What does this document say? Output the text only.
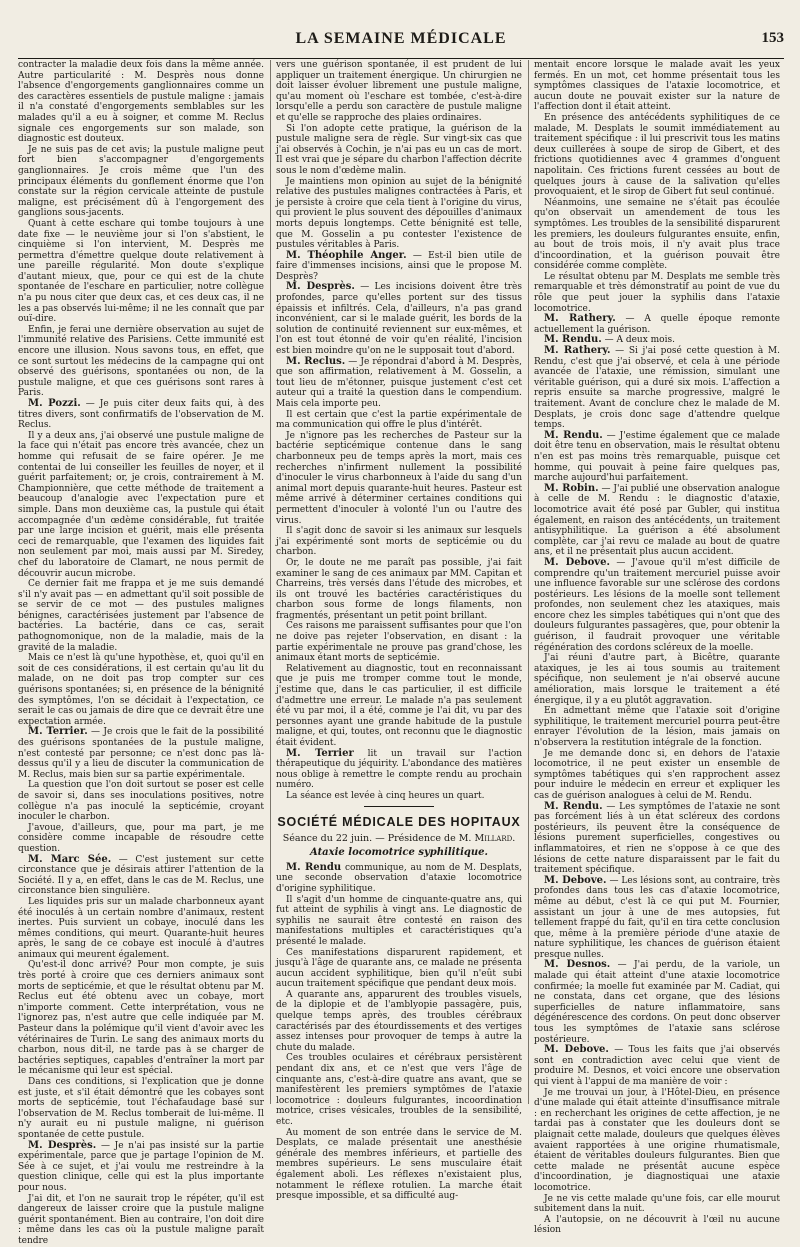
LA SEMAINE MÉDICALE	153

contracter la maladie deux fois dans la même année. Autre particularité : M. Desprès nous donne l'absence d'engorgements ganglionnaires comme un des caractères essentiels de pustule maligne : jamais il n'a constaté d'engorgements semblables sur les malades qu'il a eu à soigner, et comme M. Reclus signale ces engorgements sur son malade, son diagnostic est douteux.

Je ne suis pas de cet avis; la pustule maligne peut fort bien s'accompagner d'engorgements ganglionnaires. Je crois même que l'un des principaux éléments du gonflement énorme que l'on constate sur la région cervicale atteinte de pustule maligne, est précisément dû à l'engorgement des ganglions sous-jacents.

Quant à cette eschare qui tombe toujours à une date fixe — le neuvième jour si l'on s'abstient, le cinquième si l'on intervient, M. Desprès me permettra d'émettre quelque doute relativement à une pareille régularité. Mon doute s'explique d'autant mieux, que, pour ce qui est de la chute spontanée de l'eschare en particulier, notre collègue n'a pu nous citer que deux cas, et ces deux cas, il ne les a pas observés lui-même; il ne les connaît que par ouï-dire.

Enfin, je ferai une dernière observation au sujet de l'immunité relative des Parisiens. Cette immunité est encore une illusion. Nous savons tous, en effet, que ce sont surtout les médecins de la campagne qui ont observé des guérisons, spontanées ou non, de la pustule maligne, et que ces guérisons sont rares à Paris.

M. Pozzi. — Je puis citer deux faits qui, à des titres divers, sont confirmatifs de l'observation de M. Reclus.

Il y a deux ans, j'ai observé une pustule maligne de la face qui n'était pas encore très avancée, chez un homme qui refusait de se faire opérer. Je me contentai de lui conseiller les feuilles de noyer, et il guérit parfaitement; or, je crois, contrairement à M. Championnière, que cette méthode de traitement a beaucoup d'analogie avec l'expectation pure et simple. Dans mon deuxième cas, la pustule qui était accompagnée d'un œdème considérable, fut traitée par une large incision et guérit, mais elle présenta ceci de remarquable, que l'examen des liquides fait non seulement par moi, mais aussi par M. Siredey, chef du laboratoire de Clamart, ne nous permit de découvrir aucun microbe.

Ce dernier fait me frappa et je me suis demandé s'il n'y avait pas — en admettant qu'il soit possible de se servir de ce mot — des pustules malignes bénignes, caractérisées justement par l'absence de bactéries. La bactérie, dans ce cas, serait pathognomonique, non de la maladie, mais de la gravité de la maladie.

Mais ce n'est là qu'une hypothèse, et, quoi qu'il en soit de ces considérations, il est certain qu'au lit du malade, on ne doit pas trop compter sur ces guérisons spontanées; si, en présence de la bénignité des symptômes, l'on se décidait à l'expectation, ce serait le cas ou jamais de dire que ce devrait être une expectation armée.

M. Terrier. — Je crois que le fait de la possibilité des guérisons spontanées de la pustule maligne, n'est contesté par personne; ce n'est donc pas là-dessus qu'il y a lieu de discuter la communication de M. Reclus, mais bien sur sa partie expérimentale.

La question que l'on doit surtout se poser est celle de savoir si, dans ses inoculations positives, notre collègue n'a pas inoculé la septicémie, croyant inoculer le charbon.

J'avoue, d'ailleurs, que, pour ma part, je me considère comme incapable de résoudre cette question.

M. Marc Sée. — C'est justement sur cette circonstance que je désirais attirer l'attention de la Société. Il y a, en effet, dans le cas de M. Reclus, une circonstance bien singulière.

Les liquides pris sur un malade charbonneux ayant été inoculés à un certain nombre d'animaux, restent inertes. Puis survient un cobaye, inoculé dans les mêmes conditions, qui meurt. Quarante-huit heures après, le sang de ce cobaye est inoculé à d'autres animaux qui meurent également.

Qu'est-il donc arrivé? Pour mon compte, je suis très porté à croire que ces derniers animaux sont morts de septicémie, et que le résultat obtenu par M. Reclus eut été obtenu avec un cobaye, mort n'importe comment. Cette interprétation, vous ne l'ignorez pas, n'est autre que celle indiquée par M. Pasteur dans la polémique qu'il vient d'avoir avec les vétérinaires de Turin. Le sang des animaux morts du charbon, nous dit-il, ne tarde pas à se charger de bactéries septiques, capables d'entraîner la mort par le mécanisme qui leur est spécial.

Dans ces conditions, si l'explication que je donne est juste, et s'il était démontré que les cobayes sont morts de septicémie, tout l'échafaudage basé sur l'observation de M. Reclus tomberait de lui-même. Il n'y aurait eu ni pustule maligne, ni guérison spontanée de cette pustule.

M. Desprès. — Je n'ai pas insisté sur la partie expérimentale, parce que je partage l'opinion de M. Sée à ce sujet, et j'ai voulu me restreindre à la question clinique, celle qui est la plus importante pour nous.

J'ai dit, et l'on ne saurait trop le répéter, qu'il est dangereux de laisser croire que la pustule maligne guérit spontanément. Bien au contraire, l'on doit dire : même dans les cas où la pustule maligne paraît tendre

vers une guérison spontanée, il est prudent de lui appliquer un traitement énergique. Un chirurgien ne doit laisser évoluer librement une pustule maligne, qu'au moment où l'eschare est tombée, c'est-à-dire lorsqu'elle a perdu son caractère de pustule maligne et qu'elle se rapproche des plaies ordinaires.

Si l'on adopte cette pratique, la guérison de la pustule maligne sera de règle. Sur vingt-six cas que j'ai observés à Cochin, je n'ai pas eu un cas de mort. Il est vrai que je sépare du charbon l'affection décrite sous le nom d'œdème malin.

Je maintiens mon opinion au sujet de la bénignité relative des pustules malignes contractées à Paris, et je persiste à croire que cela tient à l'origine du virus, qui provient le plus souvent des dépouilles d'animaux morts depuis longtemps. Cette bénignité est telle, que M. Gosselin a pu contester l'existence de pustules véritables à Paris.

M. Théophile Anger. — Est-il bien utile de faire d'immenses incisions, ainsi que le propose M. Desprès?

M. Desprès. — Les incisions doivent être très profondes, parce qu'elles portent sur des tissus épaissis et infiltrés. Cela, d'ailleurs, n'a pas grand inconvénient, car si le malade guérit, les bords de la solution de continuité reviennent sur eux-mêmes, et l'on est tout étonné de voir qu'en réalité, l'incision est bien moindre qu'on ne le supposait tout d'abord.

M. Reclus. — Je répondrai d'abord à M. Desprès, que son affirmation, relativement à M. Gosselin, a tout lieu de m'étonner, puisque justement c'est cet auteur qui a traité la question dans le compendium. Mais cela importe peu.

Il est certain que c'est la partie expérimentale de ma communication qui offre le plus d'intérêt.

Je n'ignore pas les recherches de Pasteur sur la bactérie septicémique contenue dans le sang charbonneux peu de temps après la mort, mais ces recherches n'infirment nullement la possibilité d'inoculer le virus charbonneux à l'aide du sang d'un animal mort depuis quarante-huit heures. Pasteur est même arrivé à déterminer certaines conditions qui permettent d'inoculer à volonté l'un ou l'autre des virus.

Il s'agit donc de savoir si les animaux sur lesquels j'ai expérimenté sont morts de septicémie ou du charbon.

Or, le doute ne me paraît pas possible, j'ai fait examiner le sang de ces animaux par MM. Capitan et Charreins, très versés dans l'étude des microbes, et ils ont trouvé les bactéries caractéristiques du charbon sous forme de longs filaments, non fragmentés, présentant un petit point brillant.

Ces raisons me paraissent suffisantes pour que l'on ne doive pas rejeter l'observation, en disant : la partie expérimentale ne prouve pas grand'chose, les animaux étant morts de septicémie.

Relativement au diagnostic, tout en reconnaissant que je puis me tromper comme tout le monde, j'estime que, dans le cas particulier, il est difficile d'admettre une erreur. Le malade n'a pas seulement été vu par moi, il a été, comme je l'ai dit, vu par des personnes ayant une grande habitude de la pustule maligne, et qui, toutes, ont reconnu que le diagnostic était évident.

M. Terrier lit un travail sur l'action thérapeutique du jéquirity. L'abondance des matières nous oblige à remettre le compte rendu au prochain numéro.

La séance est levée à cinq heures un quart.

SOCIÉTÉ MÉDICALE DES HOPITAUX
Séance du 22 juin. — Présidence de M. Millard.
Ataxie locomotrice syphilitique.

M. Rendu communique, au nom de M. Desplats, une seconde observation d'ataxie locomotrice d'origine syphilitique.

Il s'agit d'un homme de cinquante-quatre ans, qui fut atteint de syphilis à vingt ans. Le diagnostic de syphilis ne saurait être contesté en raison des manifestations multiples et caractéristiques qu'a présenté le malade.

Ces manifestations disparurent rapidement, et jusqu'à l'âge de quarante ans, ce malade ne présenta aucun accident syphilitique, bien qu'il n'eût subi aucun traitement spécifique que pendant deux mois.

A quarante ans, apparurent des troubles visuels, de la diplopie et de l'amblyopie passagère, puis, quelque temps après, des troubles cérébraux caractérisés par des étourdissements et des vertiges assez intenses pour provoquer de temps à autre la chute du malade.

Ces troubles oculaires et cérébraux persistèrent pendant dix ans, et ce n'est que vers l'âge de cinquante ans, c'est-à-dire quatre ans avant, que se manifestèrent les premiers symptômes de l'ataxie locomotrice : douleurs fulgurantes, incoordination motrice, crises vésicales, troubles de la sensibilité, etc.

Au moment de son entrée dans le service de M. Desplats, ce malade présentait une anesthésie générale des membres inférieurs, et partielle des membres supérieurs. Le sens musculaire était également aboli. Les réflexes n'existaient plus, notamment le réflexe rotulien. La marche était presque impossible, et sa difficulté aug-

mentait encore lorsque le malade avait les yeux fermés. En un mot, cet homme présentait tous les symptômes classiques de l'ataxie locomotrice, et aucun doute ne pouvait exister sur la nature de l'affection dont il était atteint.

En présence des antécédents syphilitiques de ce malade, M. Desplats le soumit immédiatement au traitement spécifique : il lui prescrivit tous les matins deux cuillerées à soupe de sirop de Gibert, et des frictions quotidiennes avec 4 grammes d'onguent napolitain. Ces frictions furent cessées au bout de quelques jours à cause de la salivation qu'elles provoquaient, et le sirop de Gibert fut seul continué.

Néanmoins, une semaine ne s'était pas écoulée qu'on observait un amendement de tous les symptômes. Les troubles de la sensibilité disparurent les premiers, les douleurs fulgurantes ensuite, enfin, au bout de trois mois, il n'y avait plus trace d'incoordination, et la guérison pouvait être considérée comme complète.

Le résultat obtenu par M. Desplats me semble très remarquable et très démonstratif au point de vue du rôle que peut jouer la syphilis dans l'ataxie locomotrice.

M. Rathery. — A quelle époque remonte actuellement la guérison.

M. Rendu. — A deux mois.

M. Rathery. — Si j'ai posé cette question à M. Rendu, c'est que j'ai observé, et cela à une période avancée de l'ataxie, une rémission, simulant une véritable guérison, qui a duré six mois. L'affection a repris ensuite sa marche progressive, malgré le traitement. Avant de conclure chez le malade de M. Desplats, je crois donc sage d'attendre quelque temps.

M. Rendu. — J'estime également que ce malade doit être tenu en observation, mais le résultat obtenu n'en est pas moins très remarquable, puisque cet homme, qui pouvait à peine faire quelques pas, marche aujourd'hui parfaitement.

M. Robin. — J'ai publié une observation analogue à celle de M. Rendu : le diagnostic d'ataxie, locomotrice avait été posé par Gubler, qui institua également, en raison des antécédents, un traitement antisyphilitique. La guérison a été absolument complète, car j'ai revu ce malade au bout de quatre ans, et il ne présentait plus aucun accident.

M. Debove. — J'avoue qu'il m'est difficile de comprendre qu'un traitement mercuriel puisse avoir une influence favorable sur une sclérose des cordons postérieurs. Les lésions de la moelle sont tellement profondes, non seulement chez les ataxiques, mais encore chez les simples tabétiques qui n'ont que des douleurs fulgurantes passagères, que, pour obtenir la guérison, il faudrait provoquer une véritable régénération des cordons scléreux de la moelle.

J'ai réuni d'autre part, à Bicêtre, quarante ataxiques, je les ai tous soumis au traitement spécifique, non seulement je n'ai observé aucune amélioration, mais lorsque le traitement a été énergique, il y a eu plutôt aggravation.

En admettant même que l'ataxie soit d'origine syphilitique, le traitement mercuriel pourra peut-être enrayer l'évolution de la lésion, mais jamais on n'observera la restitution intégrale de la fonction.

Je me demande donc si, en dehors de l'ataxie locomotrice, il ne peut exister un ensemble de symptômes tabétiques qui s'en rapprochent assez pour induire le médecin en erreur et expliquer les cas de guérison analogues à celui de M. Rendu.

M. Rendu. — Les symptômes de l'ataxie ne sont pas forcément liés à un état scléreux des cordons postérieurs, ils peuvent être la conséquence de lésions purement superficielles, congestives ou inflammatoires, et rien ne s'oppose à ce que des lésions de cette nature disparaissent par le fait du traitement spécifique.

M. Debove. — Les lésions sont, au contraire, très profondes dans tous les cas d'ataxie locomotrice, même au début, c'est là ce qui put M. Fournier, assistant un jour à une de mes autopsies, fut tellement frappé du fait, qu'il en tira cette conclusion que, même à la première période d'une ataxie de nature syphilitique, les chances de guérison étaient presque nulles.

M. Desnos. — J'ai perdu, de la variole, un malade qui était atteint d'une ataxie locomotrice confirmée; la moelle fut examinée par M. Cadiat, qui ne constata, dans cet organe, que des lésions superficielles de nature inflammatoire, sans dégénérescence des cordons. On peut donc observer tous les symptômes de l'ataxie sans sclérose postérieure.

M. Debove. — Tous les faits que j'ai observés sont en contradiction avec celui que vient de produire M. Desnos, et voici encore une observation qui vient à l'appui de ma manière de voir :

Je me trouvai un jour, à l'Hôtel-Dieu, en présence d'une malade qui était atteinte d'insuffisance mitrale : en recherchant les origines de cette affection, je ne tardai pas à constater que les douleurs dont se plaignait cette malade, douleurs que quelques élèves avaient rapportées à une origine rhumatismale, étaient de véritables douleurs fulgurantes. Bien que cette malade ne présentât aucune espèce d'incoordination, je diagnostiquai une ataxie locomotrice.

Je ne vis cette malade qu'une fois, car elle mourut subitement dans la nuit.

A l'autopsie, on ne découvrit à l'œil nu aucune lésion
